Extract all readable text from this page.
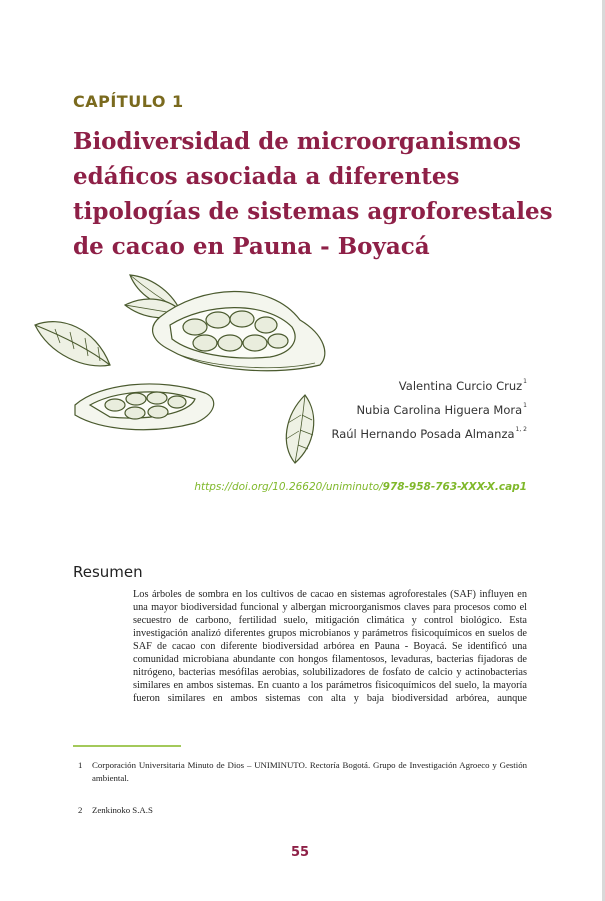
CAPÍTULO 1
Biodiversidad de microorganismos
edáficos asociada a diferentes
tipologías de sistemas agroforestales
de cacao en Pauna - Boyacá
Valentina Curcio Cruz$^1$
Nubia Carolina Higuera Mora$^1$
Raúl Hernando Posada Almanza$^{1, 2}$
https://doi.org/10.26620/uniminuto/978-958-763-XXX-X.cap1
Resumen

Los árboles de sombra en los cultivos de cacao en sistemas agroforestales (SAF) influyen en una mayor biodiversidad funcional y albergan microorganismos claves para procesos como el secuestro de carbono, fertilidad suelo, mitigación climática y control biológico. Esta investigación analizó diferentes grupos microbianos y parámetros fisicoquímicos en suelos de SAF de cacao con diferente biodiversidad arbórea en Pauna - Boyacá. Se identificó una comunidad microbiana abundante con hongos filamentosos, levaduras, bacterias fijadoras de nitrógeno, bacterias mesófilas aerobias, solubilizadores de fosfato de calcio y actinobacterias similares en ambos sistemas. En cuanto a los parámetros fisicoquímicos del suelo, la mayoría fueron similares en ambos sistemas con alta y baja biodiversidad arbórea, aunque

1 Corporación Universitaria Minuto de Dios – UNIMINUTO. Rectoría Bogotá. Grupo de Investigación Agroeco y Gestión ambiental.
2 Zenkinoko S.A.S
55
